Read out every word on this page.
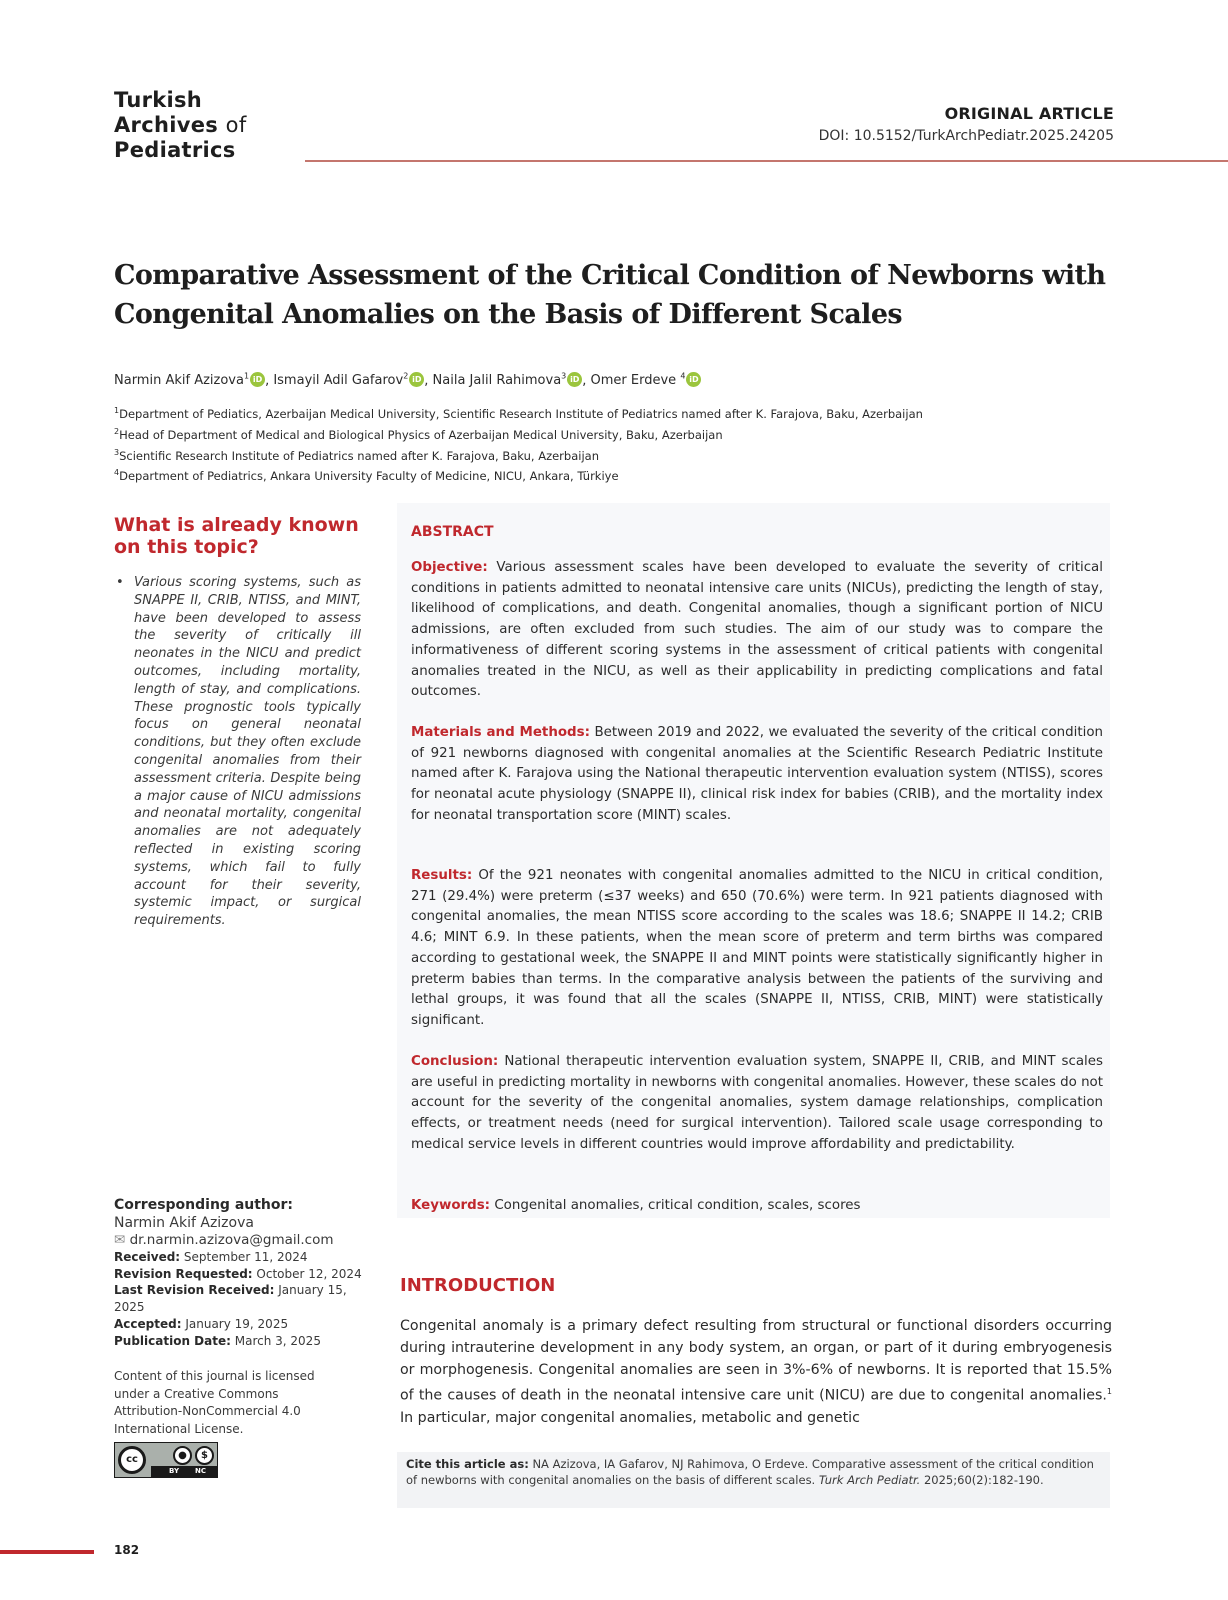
Turkish
Archives of
Pediatrics
ORIGINAL ARTICLE
DOI: 10.5152/TurkArchPediatr.2025.24205
Comparative Assessment of the Critical Condition of Newborns with Congenital Anomalies on the Basis of Different Scales
Narmin Akif Azizova$^1$ iD , Ismayil Adil Gafarov$^2$ iD , Naila Jalil Rahimova$^3$ iD , Omer Erdeve $^4$ iD
$^1$Department of Pediatics, Azerbaijan Medical University, Scientific Research Institute of Pediatrics named after K. Farajova, Baku, Azerbaijan
$^2$Head of Department of Medical and Biological Physics of Azerbaijan Medical University, Baku, Azerbaijan
$^3$Scientific Research Institute of Pediatrics named after K. Farajova, Baku, Azerbaijan
$^4$Department of Pediatrics, Ankara University Faculty of Medicine, NICU, Ankara, Türkiye
What is already known on this topic?
• Various scoring systems, such as SNAPPE II, CRIB, NTISS, and MINT, have been developed to assess the severity of critically ill neonates in the NICU and predict outcomes, including mortality, length of stay, and complications. These prognostic tools typically focus on general neonatal conditions, but they often exclude congenital anomalies from their assessment criteria. Despite being a major cause of NICU admissions and neonatal mortality, congenital anomalies are not adequately reflected in existing scoring systems, which fail to fully account for their severity, systemic impact, or surgical requirements.
Corresponding author:
Narmin Akif Azizova
✉ dr.narmin.azizova@gmail.com
Received: September 11, 2024
Revision Requested: October 12, 2024
Last Revision Received: January 15, 2025
Accepted: January 19, 2025
Publication Date: March 3, 2025
Content of this journal is licensed under a Creative Commons Attribution-NonCommercial 4.0 International License.
cc	●	$
BY NC
ABSTRACT
Objective: Various assessment scales have been developed to evaluate the severity of critical conditions in patients admitted to neonatal intensive care units (NICUs), predicting the length of stay, likelihood of complications, and death. Congenital anomalies, though a significant portion of NICU admissions, are often excluded from such studies. The aim of our study was to compare the informativeness of different scoring systems in the assessment of critical patients with congenital anomalies treated in the NICU, as well as their applicability in predicting complications and fatal outcomes.
Materials and Methods: Between 2019 and 2022, we evaluated the severity of the critical condition of 921 newborns diagnosed with congenital anomalies at the Scientific Research Pediatric Institute named after K. Farajova using the National therapeutic intervention evaluation system (NTISS), scores for neonatal acute physiology (SNAPPE II), clinical risk index for babies (CRIB), and the mortality index for neonatal transportation score (MINT) scales.
Results: Of the 921 neonates with congenital anomalies admitted to the NICU in critical condition, 271 (29.4%) were preterm (≤37 weeks) and 650 (70.6%) were term. In 921 patients diagnosed with congenital anomalies, the mean NTISS score according to the scales was 18.6; SNAPPE II 14.2; CRIB 4.6; MINT 6.9. In these patients, when the mean score of preterm and term births was compared according to gestational week, the SNAPPE II and MINT points were statistically significantly higher in preterm babies than terms. In the comparative analysis between the patients of the surviving and lethal groups, it was found that all the scales (SNAPPE II, NTISS, CRIB, MINT) were statistically significant.
Conclusion: National therapeutic intervention evaluation system, SNAPPE II, CRIB, and MINT scales are useful in predicting mortality in newborns with congenital anomalies. However, these scales do not account for the severity of the congenital anomalies, system damage relationships, complication effects, or treatment needs (need for surgical intervention). Tailored scale usage corresponding to medical service levels in different countries would improve affordability and predictability.
Keywords: Congenital anomalies, critical condition, scales, scores
INTRODUCTION
Congenital anomaly is a primary defect resulting from structural or functional disorders occurring during intrauterine development in any body system, an organ, or part of it during embryogenesis or morphogenesis. Congenital anomalies are seen in 3%-6% of newborns. It is reported that 15.5% of the causes of death in the neonatal intensive care unit (NICU) are due to congenital anomalies.$^1$ In particular, major congenital anomalies, metabolic and genetic
Cite this article as: NA Azizova, IA Gafarov, NJ Rahimova, O Erdeve. Comparative assessment of the critical condition of newborns with congenital anomalies on the basis of different scales. Turk Arch Pediatr. 2025;60(2):182-190.
182
